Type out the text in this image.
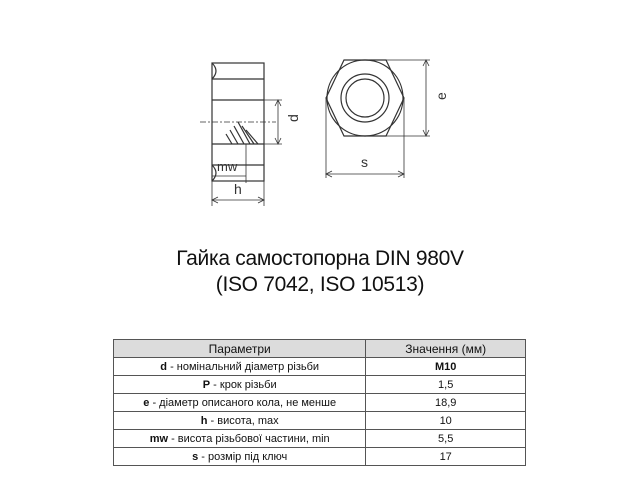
d
e
s
mw
h

Гайка самостопорна DIN 980V

(ISO 7042, ISO 10513)

Параметри	Значення (мм)
d - номінальний діаметр різьби	M10
P - крок різьби	1,5
e - діаметр описаного кола, не менше	18,9
h - висота, max	10
mw - висота різьбової частини, min	5,5
s - розмір під ключ	17
